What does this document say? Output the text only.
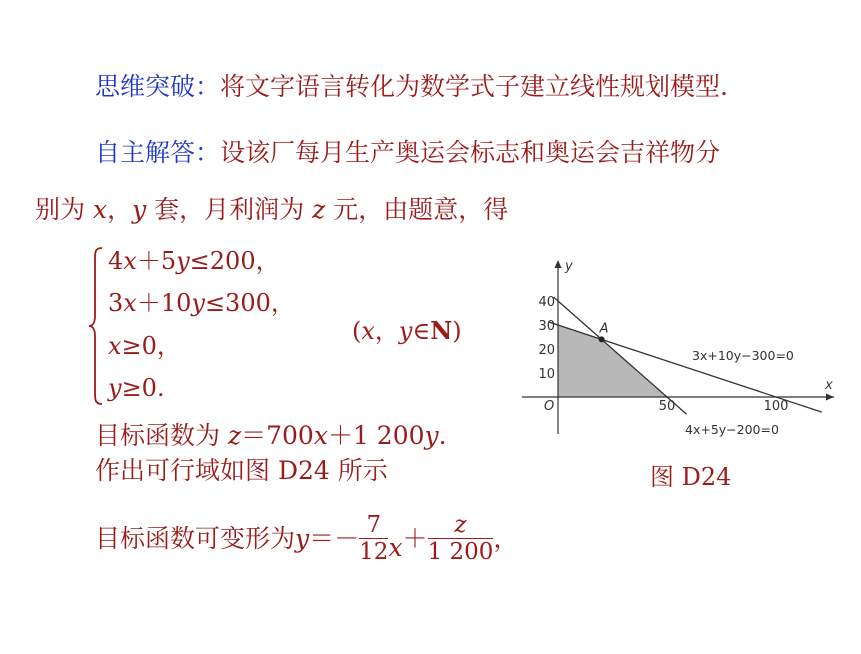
思维突破：将文字语言转化为数学式子建立线性规划模型.
自主解答：设该厂每月生产奥运会标志和奥运会吉祥物分
别为 x，y 套，月利润为 z 元，由题意，得
4x＋5y≤200，
3x＋10y≤300，
x≥0，
y≥0.
(x，y∈N)
目标函数为 z＝700x＋1 200y.
作出可行域如图 D24 所示
目标函数可变形为 $y =- \frac{7}{12}$ $x + \frac{z}{1 200}$ ，
x
y
O
40
30
20
10
50	100
A
3x+10y−300=0
4x+5y−200=0
图 D24
